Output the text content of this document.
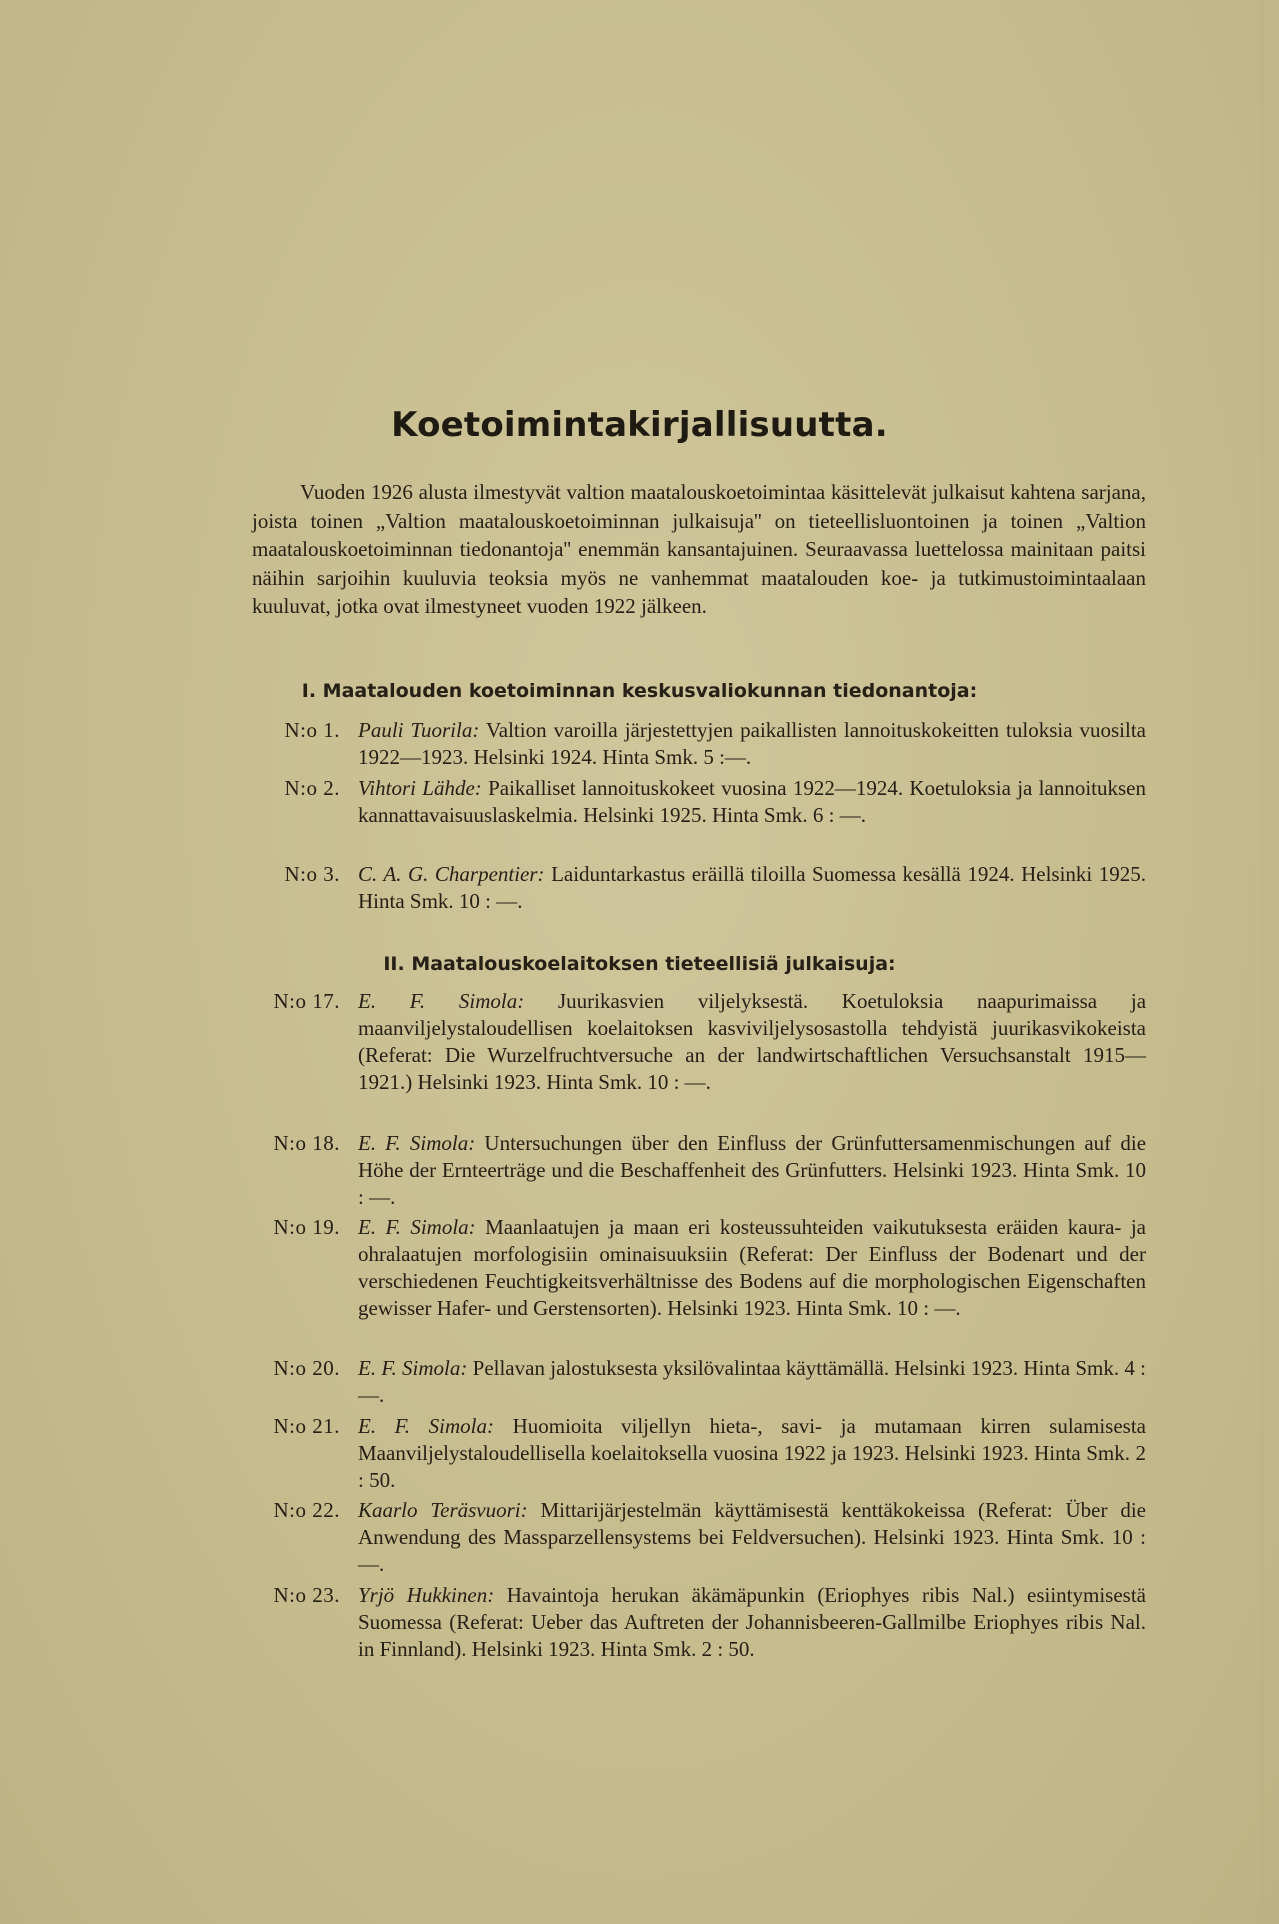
Koetoimintakirjallisuutta.
Vuoden 1926 alusta ilmestyvät valtion maatalouskoetoimintaa käsittelevät julkaisut kahtena sarjana, joista toinen „Valtion maatalouskoetoiminnan julkaisuja'' on tieteellisluontoinen ja toinen „Valtion maatalouskoetoiminnan tiedonantoja'' enemmän kansantajuinen. Seuraavassa luettelossa mainitaan paitsi näihin sarjoihin kuuluvia teoksia myös ne vanhemmat maatalouden koe- ja tutkimustoimintaalaan kuuluvat, jotka ovat ilmestyneet vuoden 1922 jälkeen.
I. Maatalouden koetoiminnan keskusvaliokunnan tiedonantoja:
N:o 1. Pauli Tuorila: Valtion varoilla järjestettyjen paikallisten lannoituskokeitten tuloksia vuosilta 1922—1923. Helsinki 1924. Hinta Smk. 5 :—.
N:o 2. Vihtori Lähde: Paikalliset lannoituskokeet vuosina 1922—1924. Koetuloksia ja lannoituksen kannattavaisuuslaskelmia. Helsinki 1925. Hinta Smk. 6 : —.
N:o 3. C. A. G. Charpentier: Laiduntarkastus eräillä tiloilla Suomessa kesällä 1924. Helsinki 1925. Hinta Smk. 10 : —.
II. Maatalouskoelaitoksen tieteellisiä julkaisuja:
N:o 17. E. F. Simola: Juurikasvien viljelyksestä. Koetuloksia naapurimaissa ja maanviljelystaloudellisen koelaitoksen kasviviljelysosastolla tehdyistä juurikasvikokeista (Referat: Die Wurzelfruchtversuche an der landwirtschaftlichen Versuchsanstalt 1915—1921.) Helsinki 1923. Hinta Smk. 10 : —.
N:o 18. E. F. Simola: Untersuchungen über den Einfluss der Grünfuttersamenmischungen auf die Höhe der Ernteerträge und die Beschaffenheit des Grünfutters. Helsinki 1923. Hinta Smk. 10 : —.
N:o 19. E. F. Simola: Maanlaatujen ja maan eri kosteussuhteiden vaikutuksesta eräiden kaura- ja ohralaatujen morfologisiin ominaisuuksiin (Referat: Der Einfluss der Bodenart und der verschiedenen Feuchtigkeitsverhältnisse des Bodens auf die morphologischen Eigenschaften gewisser Hafer- und Gerstensorten). Helsinki 1923. Hinta Smk. 10 : —.
N:o 20. E. F. Simola: Pellavan jalostuksesta yksilövalintaa käyttämällä. Helsinki 1923. Hinta Smk. 4 : —.
N:o 21. E. F. Simola: Huomioita viljellyn hieta-, savi- ja mutamaan kirren sulamisesta Maanviljelystaloudellisella koelaitoksella vuosina 1922 ja 1923. Helsinki 1923. Hinta Smk. 2 : 50.
N:o 22. Kaarlo Teräsvuori: Mittarijärjestelmän käyttämisestä kenttäkokeissa (Referat: Über die Anwendung des Massparzellensystems bei Feldversuchen). Helsinki 1923. Hinta Smk. 10 : —.
N:o 23. Yrjö Hukkinen: Havaintoja herukan äkämäpunkin (Eriophyes ribis Nal.) esiintymisestä Suomessa (Referat: Ueber das Auftreten der Johannisbeeren-Gallmilbe Eriophyes ribis Nal. in Finnland). Helsinki 1923. Hinta Smk. 2 : 50.
